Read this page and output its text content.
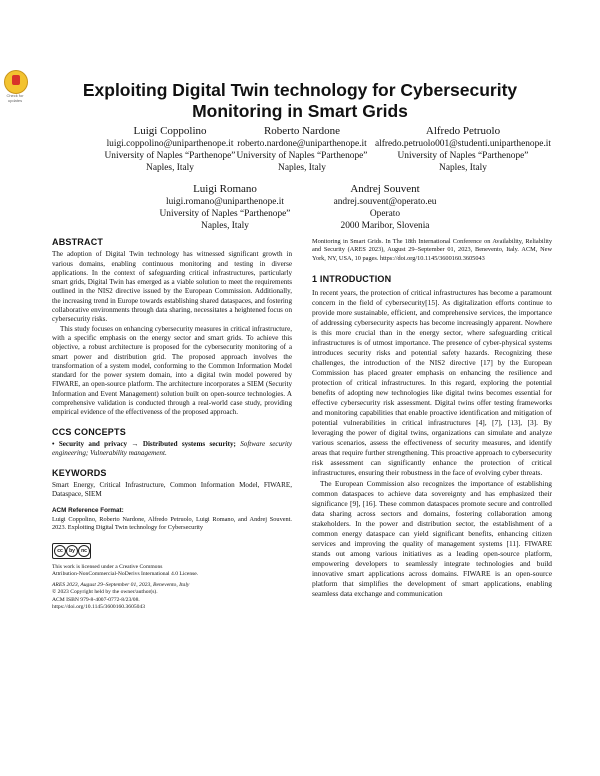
Check for updates
Exploiting Digital Twin technology for Cybersecurity Monitoring in Smart Grids
Luigi Coppolino
luigi.coppolino@uniparthenope.it
University of Naples “Parthenope”
Naples, Italy
Roberto Nardone
roberto.nardone@uniparthenope.it
University of Naples “Parthenope”
Naples, Italy
Alfredo Petruolo
alfredo.petruolo001@studenti.uniparthenope.it
University of Naples “Parthenope”
Naples, Italy
Luigi Romano
luigi.romano@uniparthenope.it
University of Naples “Parthenope”
Naples, Italy
Andrej Souvent
andrej.souvent@operato.eu
Operato
2000 Maribor, Slovenia
ABSTRACT

The adoption of Digital Twin technology has witnessed significant growth in various domains, enabling continuous monitoring and testing in diverse applications. In the context of safeguarding critical infrastructures, particularly smart grids, Digital Twin has emerged as a viable solution to meet the requirements outlined in the NIS2 directive issued by the European Commission. Additionally, the increasing trend in Europe towards establishing shared dataspaces, and fostering collaborative environments through data sharing, necessitates a heightened focus on cybersecurity risks.

This study focuses on enhancing cybersecurity measures in critical infrastructure, with a specific emphasis on the energy sector and smart grids. To achieve this objective, a robust architecture is proposed for the cybersecurity monitoring of a smart power and distribution grid. The proposed approach involves the transformation of a system model, conforming to the Common Information Model standard for the power system domain, into a digital twin model powered by FIWARE, an open-source platform. The architecture incorporates a SIEM (Security Information and Event Management) solution built on open-source technologies. A comprehensive validation is conducted through a real-world case study, providing empirical evidence of the effectiveness of the proposed approach.

CCS CONCEPTS

• Security and privacy → Distributed systems security; Software security engineering; Vulnerability management.

KEYWORDS

Smart Energy, Critical Infrastructure, Common Information Model, FIWARE, Dataspace, SIEM

ACM Reference Format:

Luigi Coppolino, Roberto Nardone, Alfredo Petruolo, Luigi Romano, and Andrej Souvent. 2023. Exploiting Digital Twin technology for Cybersecurity

cc	by	nc

This work is licensed under a Creative Commons

Attribution-NonCommercial-NoDerivs International 4.0 License.

ARES 2023, August 29–September 01, 2023, Benevento, Italy

© 2023 Copyright held by the owner/author(s).

ACM ISBN 979-8-4007-0772-8/23/08.

https://doi.org/10.1145/3600160.3605043

Monitoring in Smart Grids. In The 18th International Conference on Availability, Reliability and Security (ARES 2023), August 29–September 01, 2023, Benevento, Italy. ACM, New York, NY, USA, 10 pages. https://doi.org/10.1145/3600160.3605043

1 INTRODUCTION

In recent years, the protection of critical infrastructures has become a paramount concern in the field of cybersecurity[15]. As digitalization efforts continue to provide more sustainable, efficient, and comprehensive services, the importance of addressing cybersecurity aspects has become increasingly apparent. Nowhere is this more crucial than in the energy sector, where safeguarding critical infrastructures is of utmost importance. The presence of cyber-physical systems introduces security risks and potential safety hazards. Recognizing these challenges, the introduction of the NIS2 directive [17] by the European Commission has placed greater emphasis on enhancing the resilience and protection of critical infrastructures. In this regard, exploring the potential benefits of adopting new technologies like digital twins becomes essential for effective cybersecurity risk assessment. Digital twins offer testing frameworks and monitoring capabilities that enable proactive identification and mitigation of potential vulnerabilities in critical infrastructures [4], [7], [13], [3]. By leveraging the power of digital twins, organizations can simulate and analyze various scenarios, assess the effectiveness of security measures, and identify areas that require further strengthening. This proactive approach to cybersecurity risk assessment can significantly enhance the protection of critical infrastructures, ensuring their robustness in the face of evolving cyber threats.

The European Commission also recognizes the importance of establishing common dataspaces to achieve data sovereignty and has emphasized their significance [9], [16]. These common dataspaces promote secure and controlled data sharing across sectors and domains, fostering collaboration among stakeholders. In the power and distribution sector, the establishment of a common energy dataspace can yield significant benefits, enhancing citizen services and improving the quality of management systems [11]. FIWARE stands out among various initiatives as a leading open-source platform, empowering developers to seamlessly integrate technologies and build innovative smart applications across domains. FIWARE is an open-source platform that simplifies the development of smart applications, enabling seamless data exchange and communication
